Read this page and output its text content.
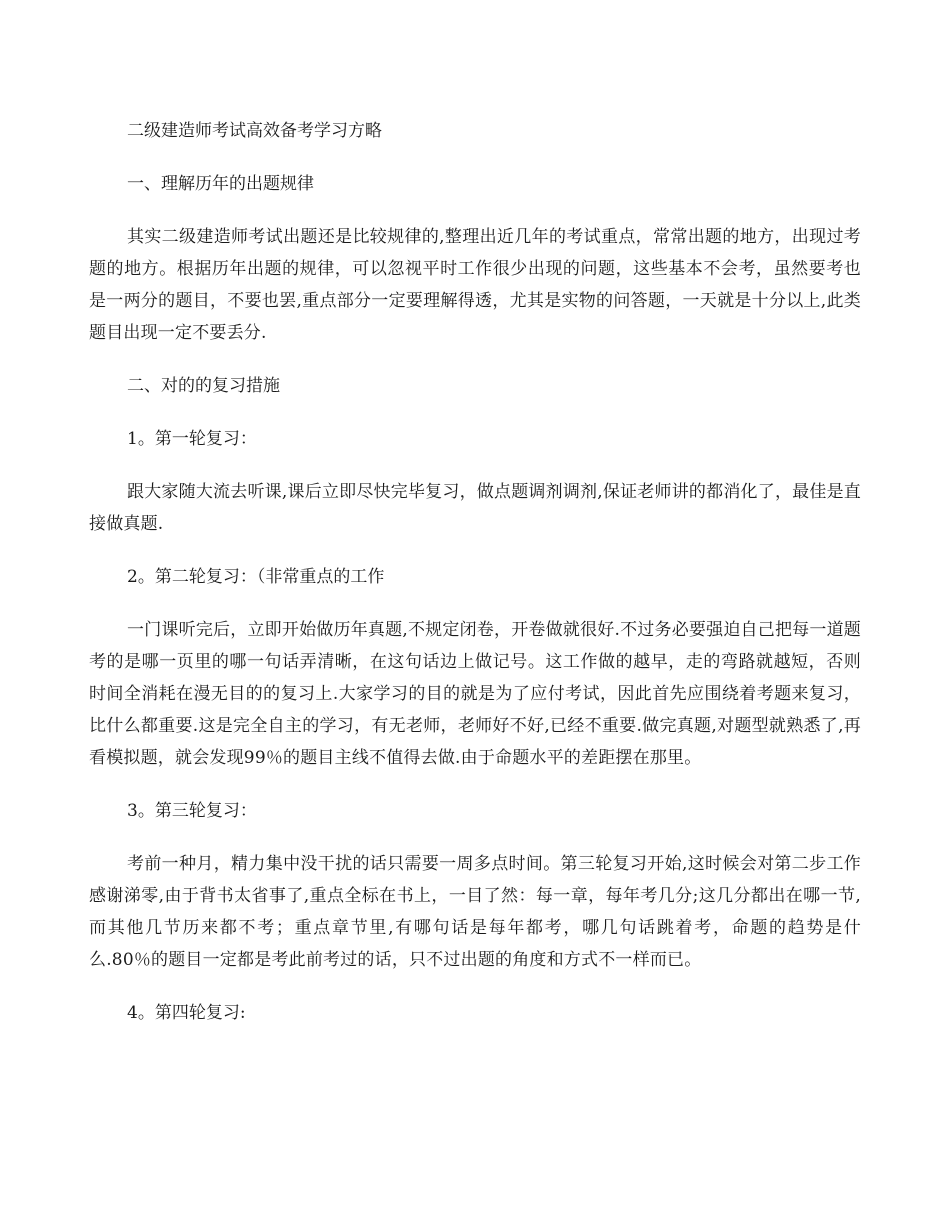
二级建造师考试高效备考学习方略

一、理解历年的出题规律

其实二级建造师考试出题还是比较规律的,整理出近几年的考试重点，常常出题的地方，出现过考题的地方。根据历年出题的规律，可以忽视平时工作很少出现的问题，这些基本不会考，虽然要考也是一两分的题目，不要也罢,重点部分一定要理解得透，尤其是实物的问答题，一天就是十分以上,此类题目出现一定不要丢分.

二、对的的复习措施

1。第一轮复习：

跟大家随大流去听课,课后立即尽快完毕复习，做点题调剂调剂,保证老师讲的都消化了，最佳是直接做真题.

2。第二轮复习：（非常重点的工作

一门课听完后，立即开始做历年真题,不规定闭卷，开卷做就很好.不过务必要强迫自己把每一道题考的是哪一页里的哪一句话弄清晰，在这句话边上做记号。这工作做的越早，走的弯路就越短，否则时间全消耗在漫无目的的复习上.大家学习的目的就是为了应付考试，因此首先应围绕着考题来复习，比什么都重要.这是完全自主的学习，有无老师，老师好不好,已经不重要.做完真题,对题型就熟悉了,再看模拟题，就会发现99％的题目主线不值得去做.由于命题水平的差距摆在那里。

3。第三轮复习：

考前一种月，精力集中没干扰的话只需要一周多点时间。第三轮复习开始,这时候会对第二步工作感谢涕零,由于背书太省事了,重点全标在书上，一目了然：每一章，每年考几分;这几分都出在哪一节,而其他几节历来都不考；重点章节里,有哪句话是每年都考，哪几句话跳着考，命题的趋势是什么.80％的题目一定都是考此前考过的话，只不过出题的角度和方式不一样而已。

4。第四轮复习:
